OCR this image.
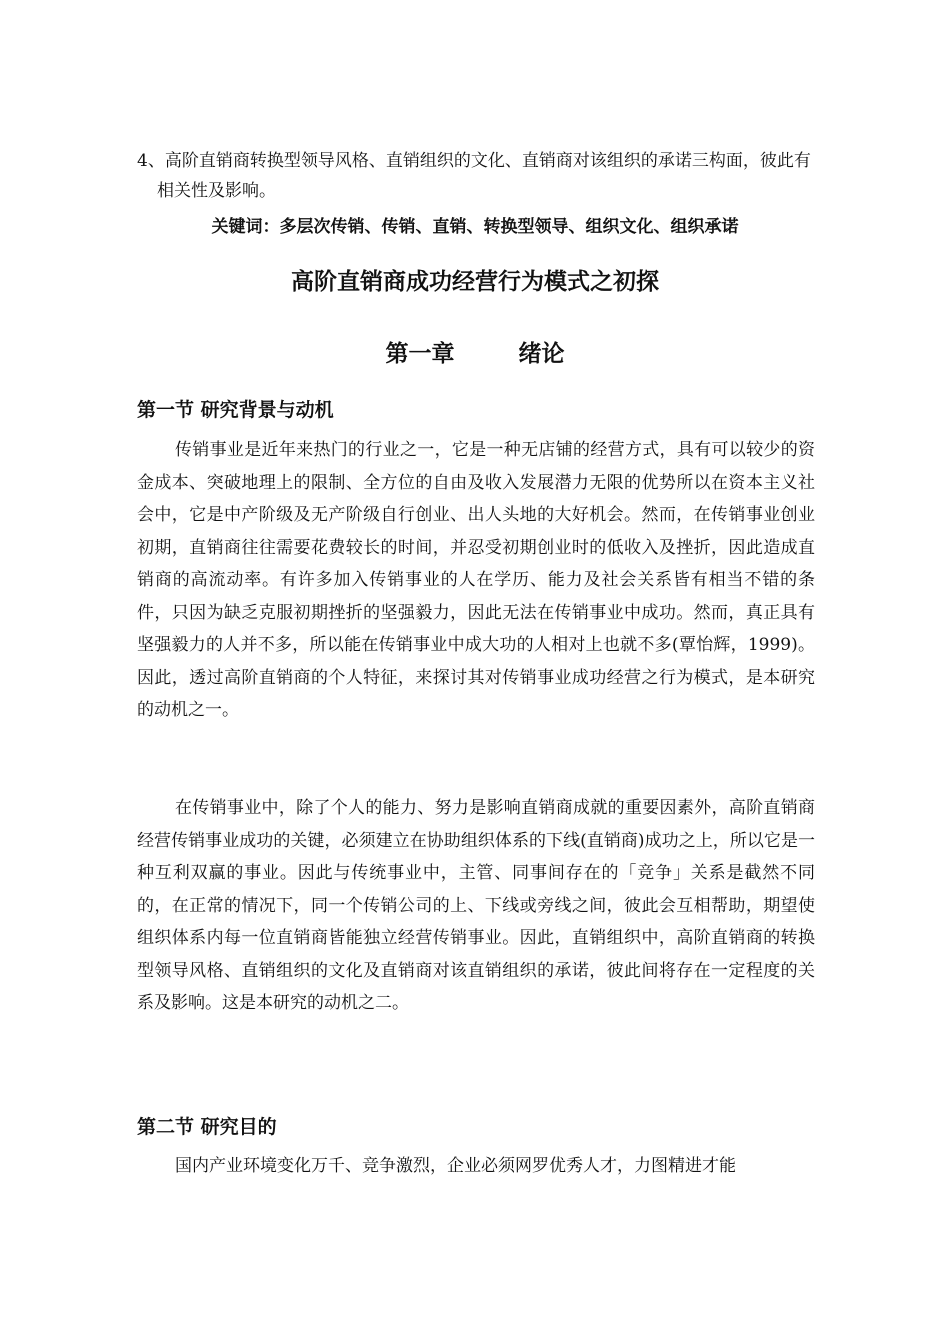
4、高阶直销商转换型领导风格、直销组织的文化、直销商对该组织的承诺三构面，彼此有相关性及影响。
关键词：多层次传销、传销、直销、转换型领导、组织文化、组织承诺
高阶直销商成功经营行为模式之初探
第一章	绪论
第一节 研究背景与动机

传销事业是近年来热门的行业之一，它是一种无店铺的经营方式，具有可以较少的资金成本、突破地理上的限制、全方位的自由及收入发展潜力无限的优势所以在资本主义社会中，它是中产阶级及无产阶级自行创业、出人头地的大好机会。然而，在传销事业创业初期，直销商往往需要花费较长的时间，并忍受初期创业时的低收入及挫折，因此造成直销商的高流动率。有许多加入传销事业的人在学历、能力及社会关系皆有相当不错的条件，只因为缺乏克服初期挫折的坚强毅力，因此无法在传销事业中成功。然而，真正具有坚强毅力的人并不多，所以能在传销事业中成大功的人相对上也就不多(覃怡辉，1999)。因此，透过高阶直销商的个人特征，来探讨其对传销事业成功经营之行为模式，是本研究的动机之一。

在传销事业中，除了个人的能力、努力是影响直销商成就的重要因素外，高阶直销商经营传销事业成功的关键，必须建立在协助组织体系的下线(直销商)成功之上，所以它是一种互利双赢的事业。因此与传统事业中，主管、同事间存在的「竞争」关系是截然不同的，在正常的情况下，同一个传销公司的上、下线或旁线之间，彼此会互相帮助，期望使组织体系内每一位直销商皆能独立经营传销事业。因此，直销组织中，高阶直销商的转换型领导风格、直销组织的文化及直销商对该直销组织的承诺，彼此间将存在一定程度的关系及影响。这是本研究的动机之二。

第二节 研究目的

国内产业环境变化万千、竞争激烈，企业必须网罗优秀人才，力图精进才能
